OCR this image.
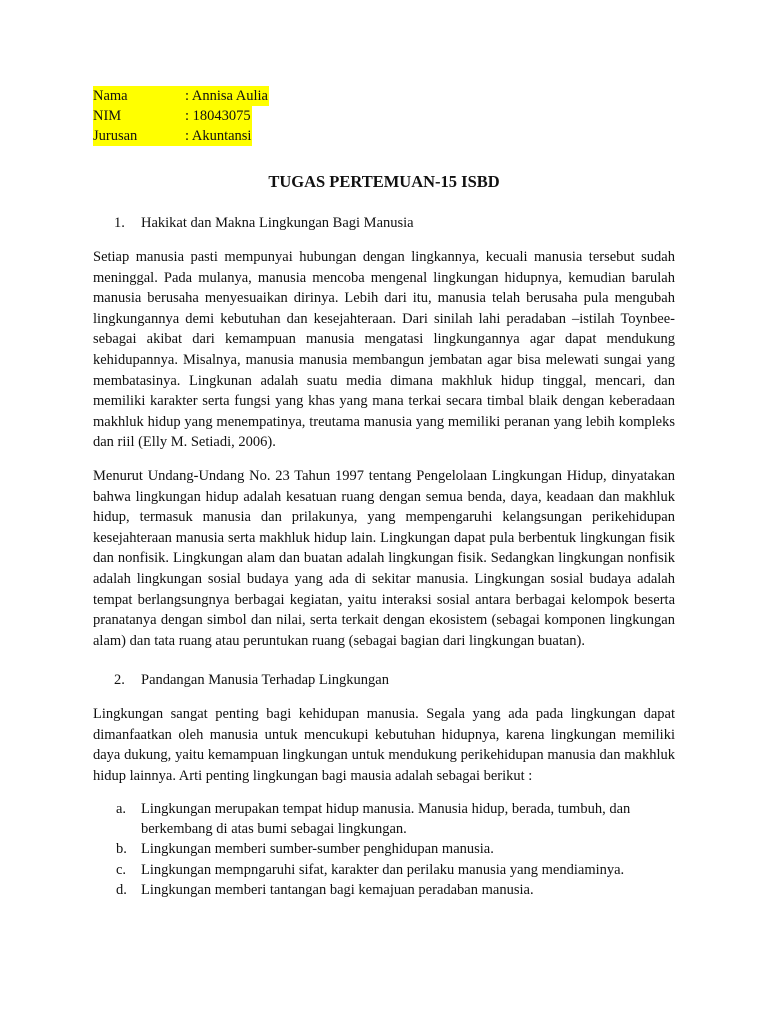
Nama	: Annisa Aulia
NIM	: 18043075
Jurusan	: Akuntansi
TUGAS PERTEMUAN-15 ISBD
1.	Hakikat dan Makna Lingkungan Bagi Manusia
Setiap manusia pasti mempunyai hubungan dengan lingkannya, kecuali manusia tersebut sudah meninggal. Pada mulanya, manusia mencoba mengenal lingkungan hidupnya, kemudian barulah manusia berusaha menyesuaikan dirinya. Lebih dari itu, manusia telah berusaha pula mengubah lingkungannya demi kebutuhan dan kesejahteraan. Dari sinilah lahi peradaban –istilah Toynbee- sebagai akibat dari kemampuan manusia mengatasi lingkungannya agar dapat mendukung kehidupannya. Misalnya, manusia manusia membangun jembatan agar bisa melewati sungai yang membatasinya. Lingkunan adalah suatu media dimana makhluk hidup tinggal, mencari, dan memiliki karakter serta fungsi yang khas yang mana terkai secara timbal blaik dengan keberadaan makhluk hidup yang menempatinya, treutama manusia yang memiliki peranan yang lebih kompleks dan riil (Elly M. Setiadi, 2006).
Menurut Undang-Undang No. 23 Tahun 1997 tentang Pengelolaan Lingkungan Hidup, dinyatakan bahwa lingkungan hidup adalah kesatuan ruang dengan semua benda, daya, keadaan dan makhluk hidup, termasuk manusia dan prilakunya, yang mempengaruhi kelangsungan perikehidupan kesejahteraan manusia serta makhluk hidup lain. Lingkungan dapat pula berbentuk lingkungan fisik dan nonfisik. Lingkungan alam dan buatan adalah lingkungan fisik. Sedangkan lingkungan nonfisik adalah lingkungan sosial budaya yang ada di sekitar manusia. Lingkungan sosial budaya adalah tempat berlangsungnya berbagai kegiatan, yaitu interaksi sosial antara berbagai kelompok beserta pranatanya dengan simbol dan nilai, serta terkait dengan ekosistem (sebagai komponen lingkungan alam) dan tata ruang atau peruntukan ruang (sebagai bagian dari lingkungan buatan).
2.	Pandangan Manusia Terhadap Lingkungan
Lingkungan sangat penting bagi kehidupan manusia. Segala yang ada pada lingkungan dapat dimanfaatkan oleh manusia untuk mencukupi kebutuhan hidupnya, karena lingkungan memiliki daya dukung, yaitu kemampuan lingkungan untuk mendukung perikehidupan manusia dan makhluk hidup lainnya. Arti penting lingkungan bagi mausia adalah sebagai berikut :
a.	Lingkungan merupakan tempat hidup manusia. Manusia hidup, berada, tumbuh, dan berkembang di atas bumi sebagai lingkungan.
b. Lingkungan memberi sumber-sumber penghidupan manusia.
c.	Lingkungan mempngaruhi sifat, karakter dan perilaku manusia yang mendiaminya.
d. Lingkungan memberi tantangan bagi kemajuan peradaban manusia.
